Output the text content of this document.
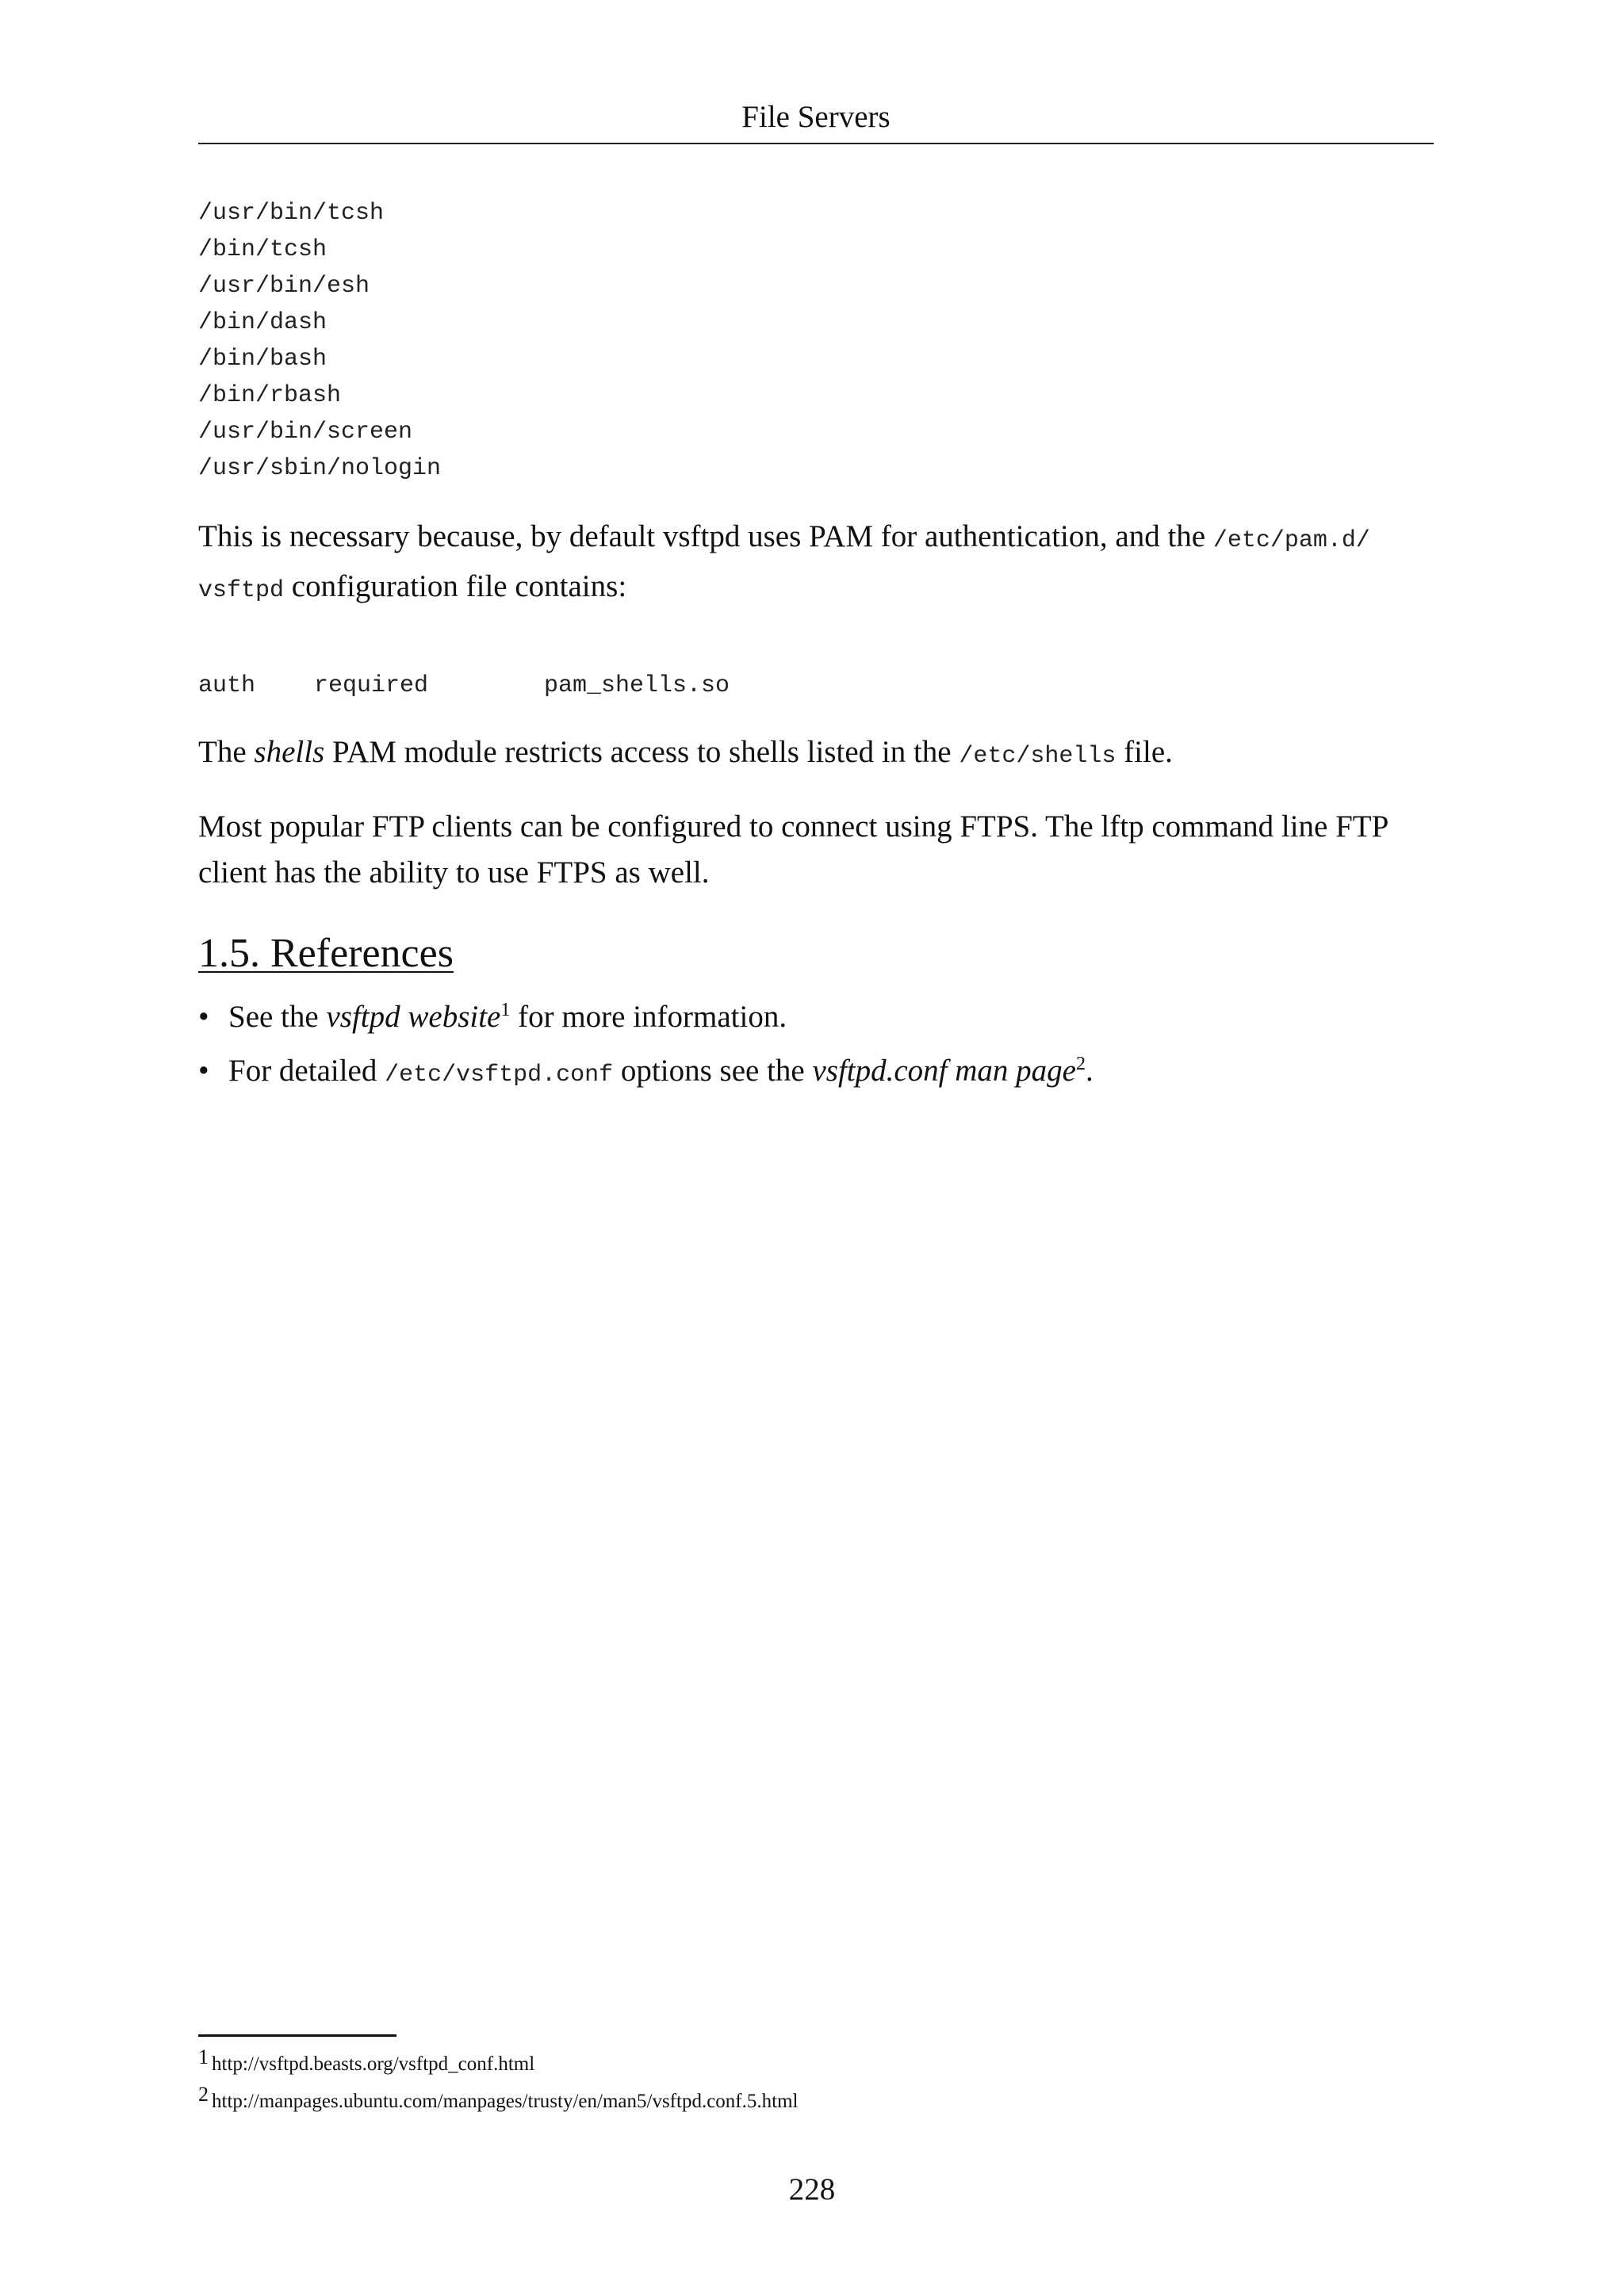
File Servers
/usr/bin/tcsh
/bin/tcsh
/usr/bin/esh
/bin/dash
/bin/bash
/bin/rbash
/usr/bin/screen
/usr/sbin/nologin

This is necessary because, by default vsftpd uses PAM for authentication, and the /etc/pam.d/
vsftpd configuration file contains:

auth required	pam_shells.so

The shells PAM module restricts access to shells listed in the /etc/shells file.

Most popular FTP clients can be configured to connect using FTPS. The lftp command line FTP
client has the ability to use FTPS as well.

1.5. References
• See the vsftpd website$^1$ for more information.
• For detailed /etc/vsftpd.conf options see the vsftpd.conf man page$^2$.
1 http://vsftpd.beasts.org/vsftpd_conf.html
2 http://manpages.ubuntu.com/manpages/trusty/en/man5/vsftpd.conf.5.html
228
